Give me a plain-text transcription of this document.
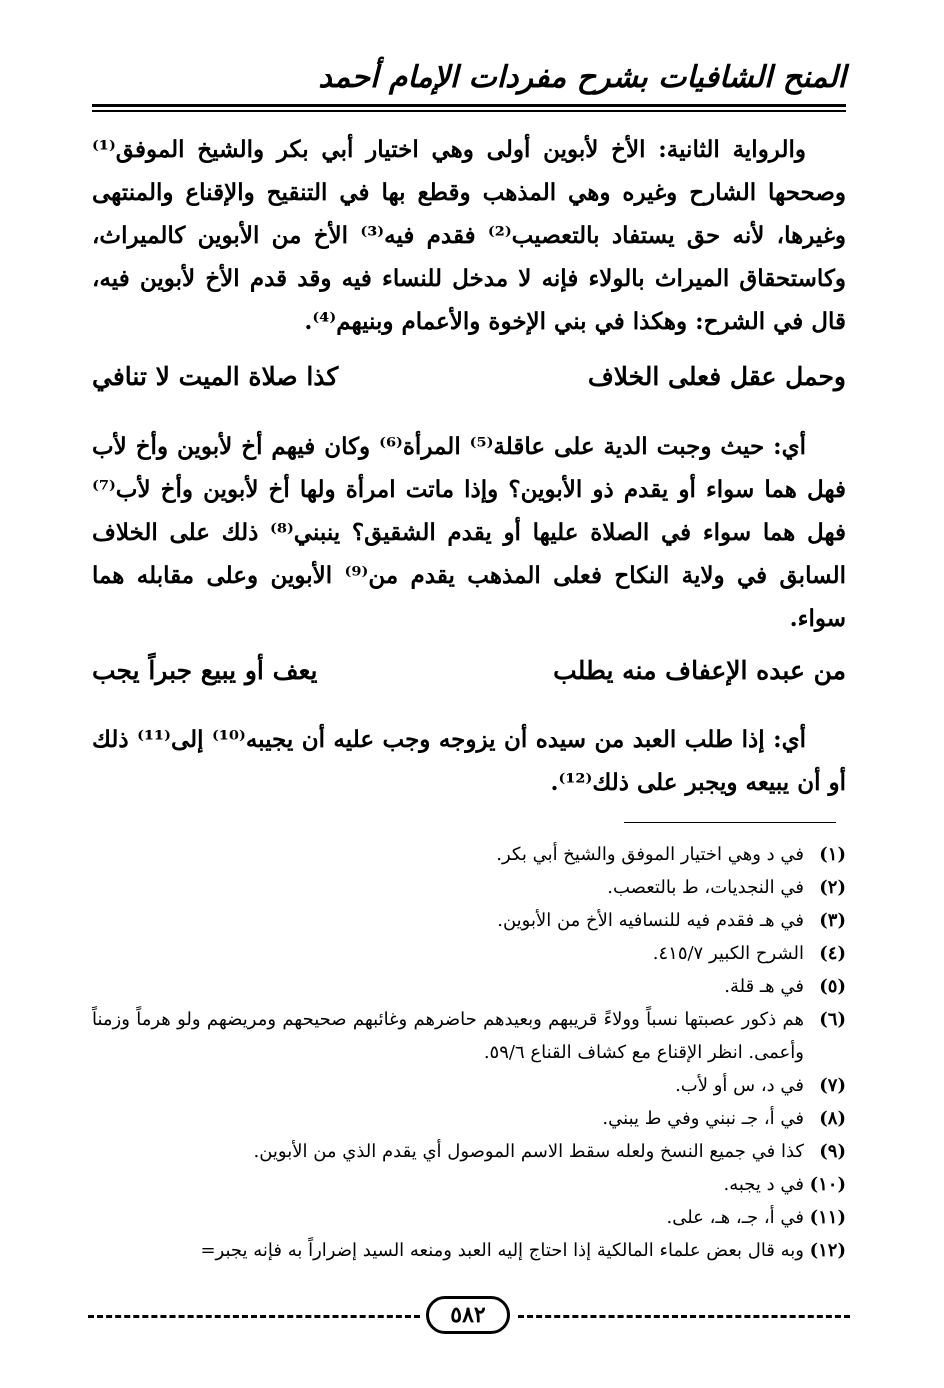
المنح الشافيات بشرح مفردات الإمام أحمد
والرواية الثانية: الأخ لأبوين أولى وهي اختيار أبي بكر والشيخ الموفق⁽¹⁾ وصححها الشارح وغيره وهي المذهب وقطع بها في التنقيح والإقناع والمنتهى وغيرها، لأنه حق يستفاد بالتعصيب⁽²⁾ فقدم فيه⁽³⁾ الأخ من الأبوين كالميراث، وكاستحقاق الميراث بالولاء فإنه لا مدخل للنساء فيه وقد قدم الأخ لأبوين فيه، قال في الشرح: وهكذا في بني الإخوة والأعمام وبنيهم⁽⁴⁾.
وحمل عقل فعلى الخلاف
كذا صلاة الميت لا تنافي
أي: حيث وجبت الدية على عاقلة⁽⁵⁾ المرأة⁽⁶⁾ وكان فيهم أخ لأبوين وأخ لأب فهل هما سواء أو يقدم ذو الأبوين؟ وإذا ماتت امرأة ولها أخ لأبوين وأخ لأب⁽⁷⁾ فهل هما سواء في الصلاة عليها أو يقدم الشقيق؟ ينبني⁽⁸⁾ ذلك على الخلاف السابق في ولاية النكاح فعلى المذهب يقدم من⁽⁹⁾ الأبوين وعلى مقابله هما سواء.
من عبده الإعفاف منه يطلب
يعف أو يبيع جبراً يجب
أي: إذا طلب العبد من سيده أن يزوجه وجب عليه أن يجيبه⁽¹⁰⁾ إلى⁽¹¹⁾ ذلك أو أن يبيعه ويجبر على ذلك⁽¹²⁾.
(١)
في د وهي اختيار الموفق والشيخ أبي بكر.
(٢)
في النجديات، ط بالتعصب.
(٣)
في هـ فقدم فيه للنسافيه الأخ من الأبوين.
(٤)
الشرح الكبير ٤١٥/٧.
(٥)
في هـ قلة.
(٦)
هم ذكور عصبتها نسباً وولاءً قريبهم وبعيدهم حاضرهم وغائبهم صحيحهم ومريضهم ولو هرماً وزمناً وأعمى. انظر الإقناع مع كشاف القناع ٥٩/٦.
(٧)
في د، س أو لأب.
(٨)
في أ، جـ نبني وفي ط يبني.
(٩)
كذا في جميع النسخ ولعله سقط الاسم الموصول أي يقدم الذي من الأبوين.
(١٠)
في د يجبه.
(١١)
في أ، جـ، هـ، على.
(١٢)
وبه قال بعض علماء المالكية إذا احتاج إليه العبد ومنعه السيد إضراراً به فإنه يجبر=
٥٨٢
